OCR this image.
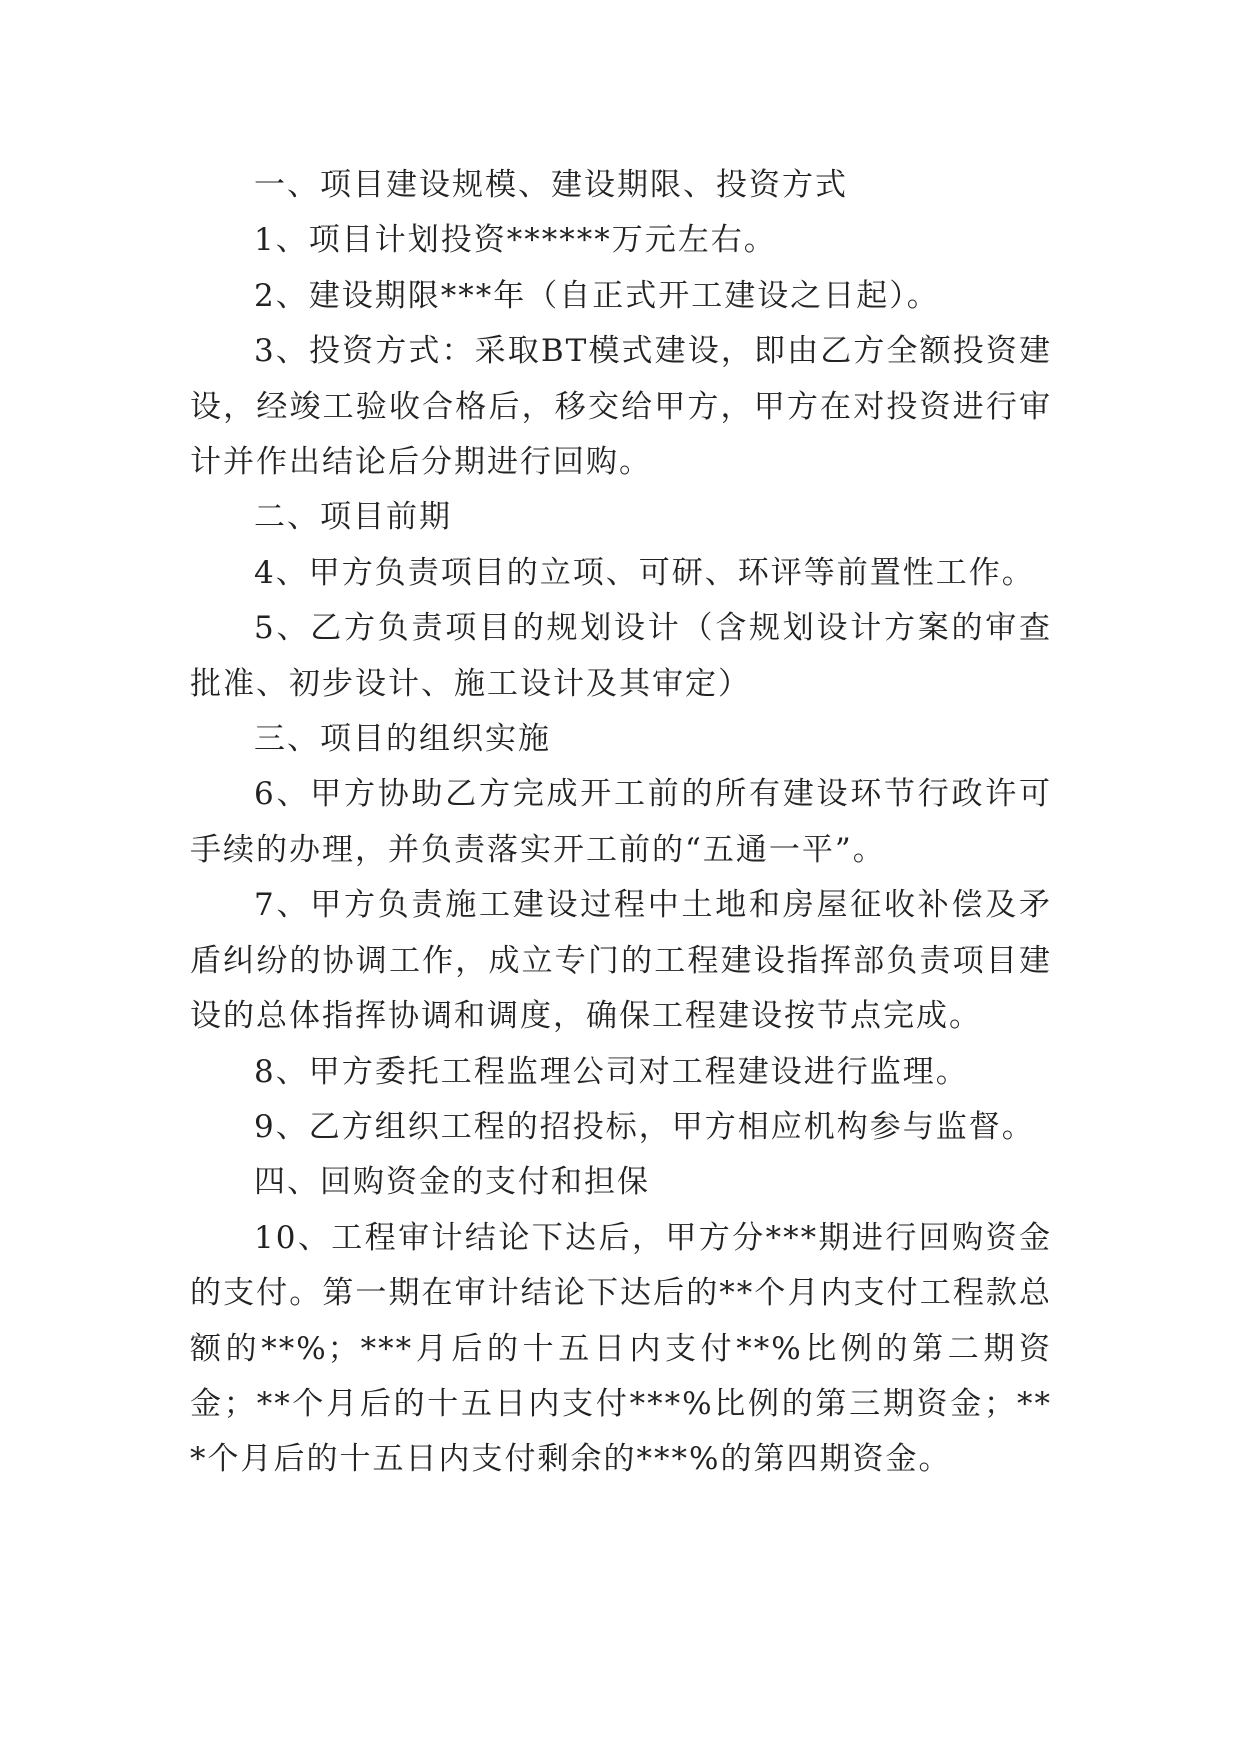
一、项目建设规模、建设期限、投资方式

1、项目计划投资******万元左右。

2、建设期限***年（自正式开工建设之日起）。

3、投资方式：采取BT模式建设，即由乙方全额投资建设，经竣工验收合格后，移交给甲方，甲方在对投资进行审计并作出结论后分期进行回购。

二、项目前期

4、甲方负责项目的立项、可研、环评等前置性工作。

5、乙方负责项目的规划设计（含规划设计方案的审查批准、初步设计、施工设计及其审定）

三、项目的组织实施

6、甲方协助乙方完成开工前的所有建设环节行政许可手续的办理，并负责落实开工前的“五通一平”。

7、甲方负责施工建设过程中土地和房屋征收补偿及矛盾纠纷的协调工作，成立专门的工程建设指挥部负责项目建设的总体指挥协调和调度，确保工程建设按节点完成。

8、甲方委托工程监理公司对工程建设进行监理。

9、乙方组织工程的招投标，甲方相应机构参与监督。

四、回购资金的支付和担保

10、工程审计结论下达后，甲方分***期进行回购资金的支付。第一期在审计结论下达后的**个月内支付工程款总额的**%；***月后的十五日内支付**%比例的第二期资金；**个月后的十五日内支付***%比例的第三期资金；***个月后的十五日内支付剩余的***%的第四期资金。
